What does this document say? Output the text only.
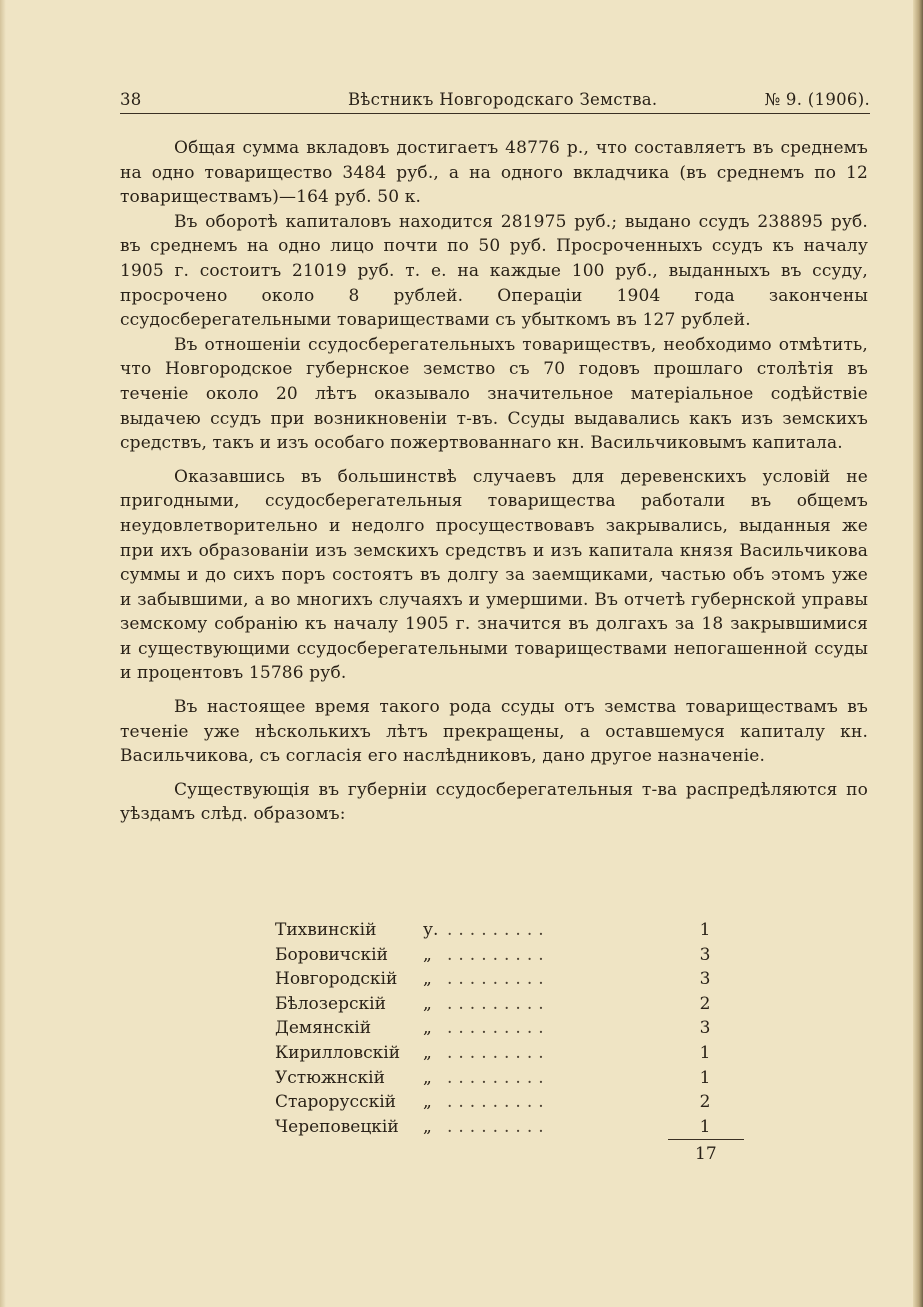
38	Вѣстникъ Новгородскаго Земства.	№ 9. (1906).

Общая сумма вкладовъ достигаетъ 48776 р., что составляетъ въ среднемъ на одно товарищество 3484 руб., а на одного вкладчика (въ среднемъ по 12 товариществамъ)—164 руб. 50 к.

Въ оборотѣ капиталовъ находится 281975 руб.; выдано ссудъ 238895 руб. въ среднемъ на одно лицо почти по 50 руб. Просроченныхъ ссудъ къ началу 1905 г. состоитъ 21019 руб. т. е. на каждые 100 руб., выданныхъ въ ссуду, просрочено около 8 рублей. Операціи 1904 года закончены ссудосберегательными товариществами съ убыткомъ въ 127 рублей.

Въ отношеніи ссудосберегательныхъ товариществъ, необходимо отмѣтить, что Новгородское губернское земство съ 70 годовъ прошлаго столѣтія въ теченіе около 20 лѣтъ оказывало значительное матеріальное содѣйствіе выдачею ссудъ при возникновеніи т-въ. Ссуды выдавались какъ изъ земскихъ средствъ, такъ и изъ особаго пожертвованнаго кн. Васильчиковымъ капитала.

Оказавшись въ большинствѣ случаевъ для деревенскихъ условій не пригодными, ссудосберегательныя товарищества работали въ общемъ неудовлетворительно и недолго просуществовавъ закрывались, выданныя же при ихъ образованіи изъ земскихъ средствъ и изъ капитала князя Васильчикова суммы и до сихъ поръ состоятъ въ долгу за заемщиками, частью объ этомъ уже и забывшими, а во многихъ случаяхъ и умершими. Въ отчетѣ губернской управы земскому собранію къ началу 1905 г. значится въ долгахъ за 18 закрывшимися и существующими ссудосберегательными товариществами непогашенной ссуды и процентовъ 15786 руб.

Въ настоящее время такого рода ссуды отъ земства товариществамъ въ теченіе уже нѣсколькихъ лѣтъ прекращены, а оставшемуся капиталу кн. Васильчикова, съ согласія его наслѣдниковъ, дано другое назначеніе.

Существующія въ губерніи ссудосберегательныя т-ва распредѣляются по уѣздамъ слѣд. образомъ:

Тихвинскій	у. .........	1
Боровичскій „ .........	3
Новгородскій „ .........	3
Бѣлозерскій „ .........	2
Демянскій	„ .........	3
Кирилловскій „ .........	1
Устюжнскій „ .........	1
Старорусскій „ .........	2
Череповецкій „ .........	1
17
